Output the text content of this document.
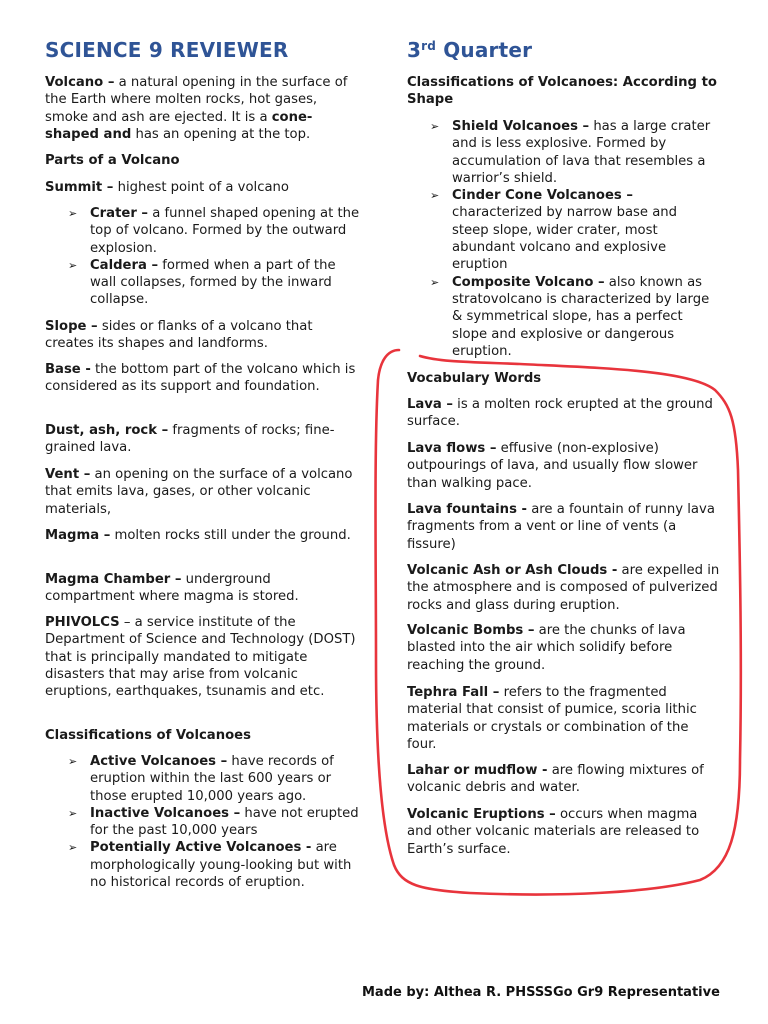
SCIENCE 9 REVIEWER

Volcano – a natural opening in the surface of the Earth where molten rocks, hot gases, smoke and ash are ejected. It is a cone-shaped and has an opening at the top.

Parts of a Volcano

Summit – highest point of a volcano

➢ Crater – a funnel shaped opening at the top of volcano. Formed by the outward explosion.
➢ Caldera – formed when a part of the wall collapses, formed by the inward collapse.

Slope – sides or flanks of a volcano that creates its shapes and landforms.

Base - the bottom part of the volcano which is considered as its support and foundation.

Dust, ash, rock – fragments of rocks; fine-grained lava.

Vent – an opening on the surface of a volcano that emits lava, gases, or other volcanic materials,

Magma – molten rocks still under the ground.

Magma Chamber – underground compartment where magma is stored.

PHIVOLCS – a service institute of the Department of Science and Technology (DOST) that is principally mandated to mitigate disasters that may arise from volcanic eruptions, earthquakes, tsunamis and etc.

Classifications of Volcanoes

➢ Active Volcanoes – have records of eruption within the last 600 years or those erupted 10,000 years ago.
➢ Inactive Volcanoes – have not erupted for the past 10,000 years
➢ Potentially Active Volcanoes - are morphologically young-looking but with no historical records of eruption.
3rd Quarter

Classifications of Volcanoes: According to Shape

➢ Shield Volcanoes – has a large crater and is less explosive. Formed by accumulation of lava that resembles a warrior’s shield.
➢ Cinder Cone Volcanoes – characterized by narrow base and steep slope, wider crater, most abundant volcano and explosive eruption
➢ Composite Volcano – also known as stratovolcano is characterized by large & symmetrical slope, has a perfect slope and explosive or dangerous eruption.

Vocabulary Words

Lava – is a molten rock erupted at the ground surface.

Lava flows – effusive (non-explosive) outpourings of lava, and usually flow slower than walking pace.

Lava fountains - are a fountain of runny lava fragments from a vent or line of vents (a fissure)

Volcanic Ash or Ash Clouds - are expelled in the atmosphere and is composed of pulverized rocks and glass during eruption.

Volcanic Bombs – are the chunks of lava blasted into the air which solidify before reaching the ground.

Tephra Fall – refers to the fragmented material that consist of pumice, scoria lithic materials or crystals or combination of the four.

Lahar or mudflow - are flowing mixtures of volcanic debris and water.

Volcanic Eruptions – occurs when magma and other volcanic materials are released to Earth’s surface.

Made by: Althea R. PHSSSGo Gr9 Representative
